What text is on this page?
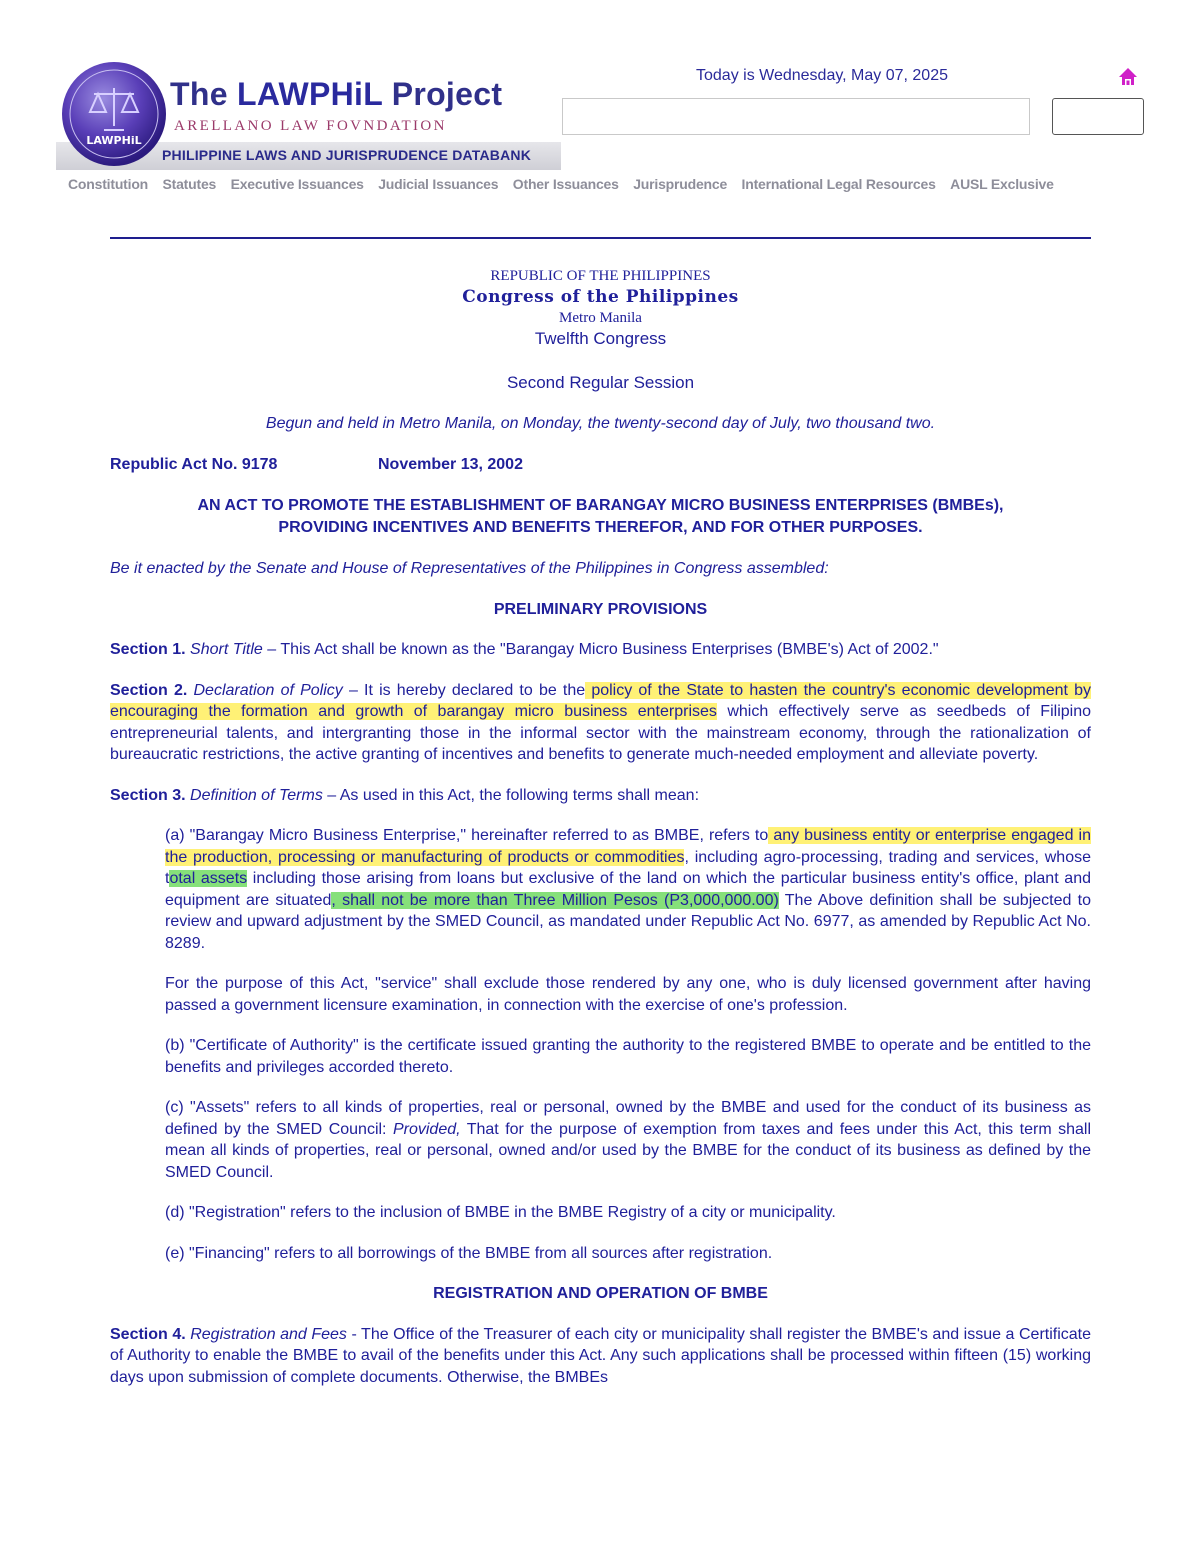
PHILIPPINE LAWS AND JURISPRUDENCE DATABANK
LAWPHiL
The LAWPHiL Project
ARELLANO LAW FOVNDATION
Today is Wednesday, May 07, 2025
Constitution Statutes Executive Issuances Judicial Issuances Other Issuances Jurisprudence International Legal Resources AUSL Exclusive
REPUBLIC OF THE PHILIPPINES
Congress of the Philippines
Metro Manila

Twelfth Congress

Second Regular Session

Begun and held in Metro Manila, on Monday, the twenty-second day of July, two thousand two.

Republic Act No. 9178	November 13, 2002
AN ACT TO PROMOTE THE ESTABLISHMENT OF BARANGAY MICRO BUSINESS ENTERPRISES (BMBEs),
PROVIDING INCENTIVES AND BENEFITS THEREFOR, AND FOR OTHER PURPOSES.

Be it enacted by the Senate and House of Representatives of the Philippines in Congress assembled:

PRELIMINARY PROVISIONS

Section 1. Short Title – This Act shall be known as the "Barangay Micro Business Enterprises (BMBE's) Act of 2002."

Section 2. Declaration of Policy – It is hereby declared to be the policy of the State to hasten the country's economic development by encouraging the formation and growth of barangay micro business enterprises which effectively serve as seedbeds of Filipino entrepreneurial talents, and intergranting those in the informal sector with the mainstream economy, through the rationalization of bureaucratic restrictions, the active granting of incentives and benefits to generate much-needed employment and alleviate poverty.

Section 3. Definition of Terms – As used in this Act, the following terms shall mean:

(a) "Barangay Micro Business Enterprise," hereinafter referred to as BMBE, refers to any business entity or enterprise engaged in the production, processing or manufacturing of products or commodities, including agro-processing, trading and services, whose total assets including those arising from loans but exclusive of the land on which the particular business entity's office, plant and equipment are situated, shall not be more than Three Million Pesos (P3,000,000.00) The Above definition shall be subjected to review and upward adjustment by the SMED Council, as mandated under Republic Act No. 6977, as amended by Republic Act No. 8289.

For the purpose of this Act, "service" shall exclude those rendered by any one, who is duly licensed government after having passed a government licensure examination, in connection with the exercise of one's profession.

(b) "Certificate of Authority" is the certificate issued granting the authority to the registered BMBE to operate and be entitled to the benefits and privileges accorded thereto.

(c) "Assets" refers to all kinds of properties, real or personal, owned by the BMBE and used for the conduct of its business as defined by the SMED Council: Provided, That for the purpose of exemption from taxes and fees under this Act, this term shall mean all kinds of properties, real or personal, owned and/or used by the BMBE for the conduct of its business as defined by the SMED Council.

(d) "Registration" refers to the inclusion of BMBE in the BMBE Registry of a city or municipality.

(e) "Financing" refers to all borrowings of the BMBE from all sources after registration.

REGISTRATION AND OPERATION OF BMBE

Section 4. Registration and Fees - The Office of the Treasurer of each city or municipality shall register the BMBE's and issue a Certificate of Authority to enable the BMBE to avail of the benefits under this Act. Any such applications shall be processed within fifteen (15) working days upon submission of complete documents. Otherwise, the BMBEs
